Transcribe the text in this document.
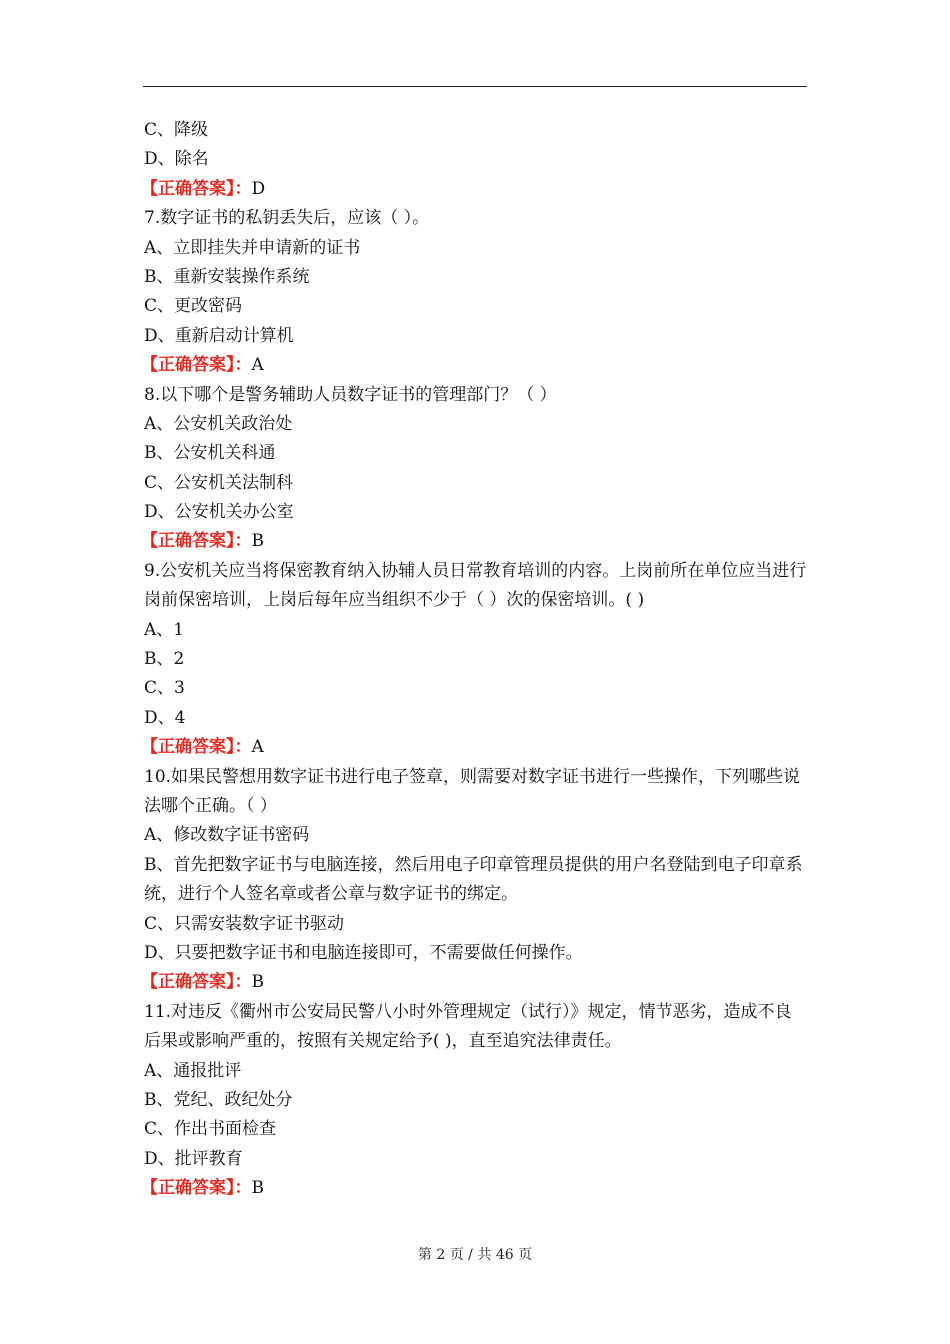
C、降级
D、除名
【正确答案】：D
7.数字证书的私钥丢失后，应该（ ）。
A、立即挂失并申请新的证书
B、重新安装操作系统
C、更改密码
D、重新启动计算机
【正确答案】：A
8.以下哪个是警务辅助人员数字证书的管理部门？（ ）
A、公安机关政治处
B、公安机关科通
C、公安机关法制科
D、公安机关办公室
【正确答案】：B
9.公安机关应当将保密教育纳入协辅人员日常教育培训的内容。上岗前所在单位应当进行岗前保密培训，上岗后每年应当组织不少于（ ）次的保密培训。( )
A、1
B、2
C、3
D、4
【正确答案】：A
10.如果民警想用数字证书进行电子签章，则需要对数字证书进行一些操作，下列哪些说法哪个正确。（ ）
A、修改数字证书密码
B、首先把数字证书与电脑连接，然后用电子印章管理员提供的用户名登陆到电子印章系统，进行个人签名章或者公章与数字证书的绑定。
C、只需安装数字证书驱动
D、只要把数字证书和电脑连接即可，不需要做任何操作。
【正确答案】：B
11.对违反《衢州市公安局民警八小时外管理规定（试行）》规定，情节恶劣，造成不良后果或影响严重的，按照有关规定给予( )，直至追究法律责任。
A、通报批评
B、党纪、政纪处分
C、作出书面检查
D、批评教育
【正确答案】：B
第 2 页 / 共 46 页
